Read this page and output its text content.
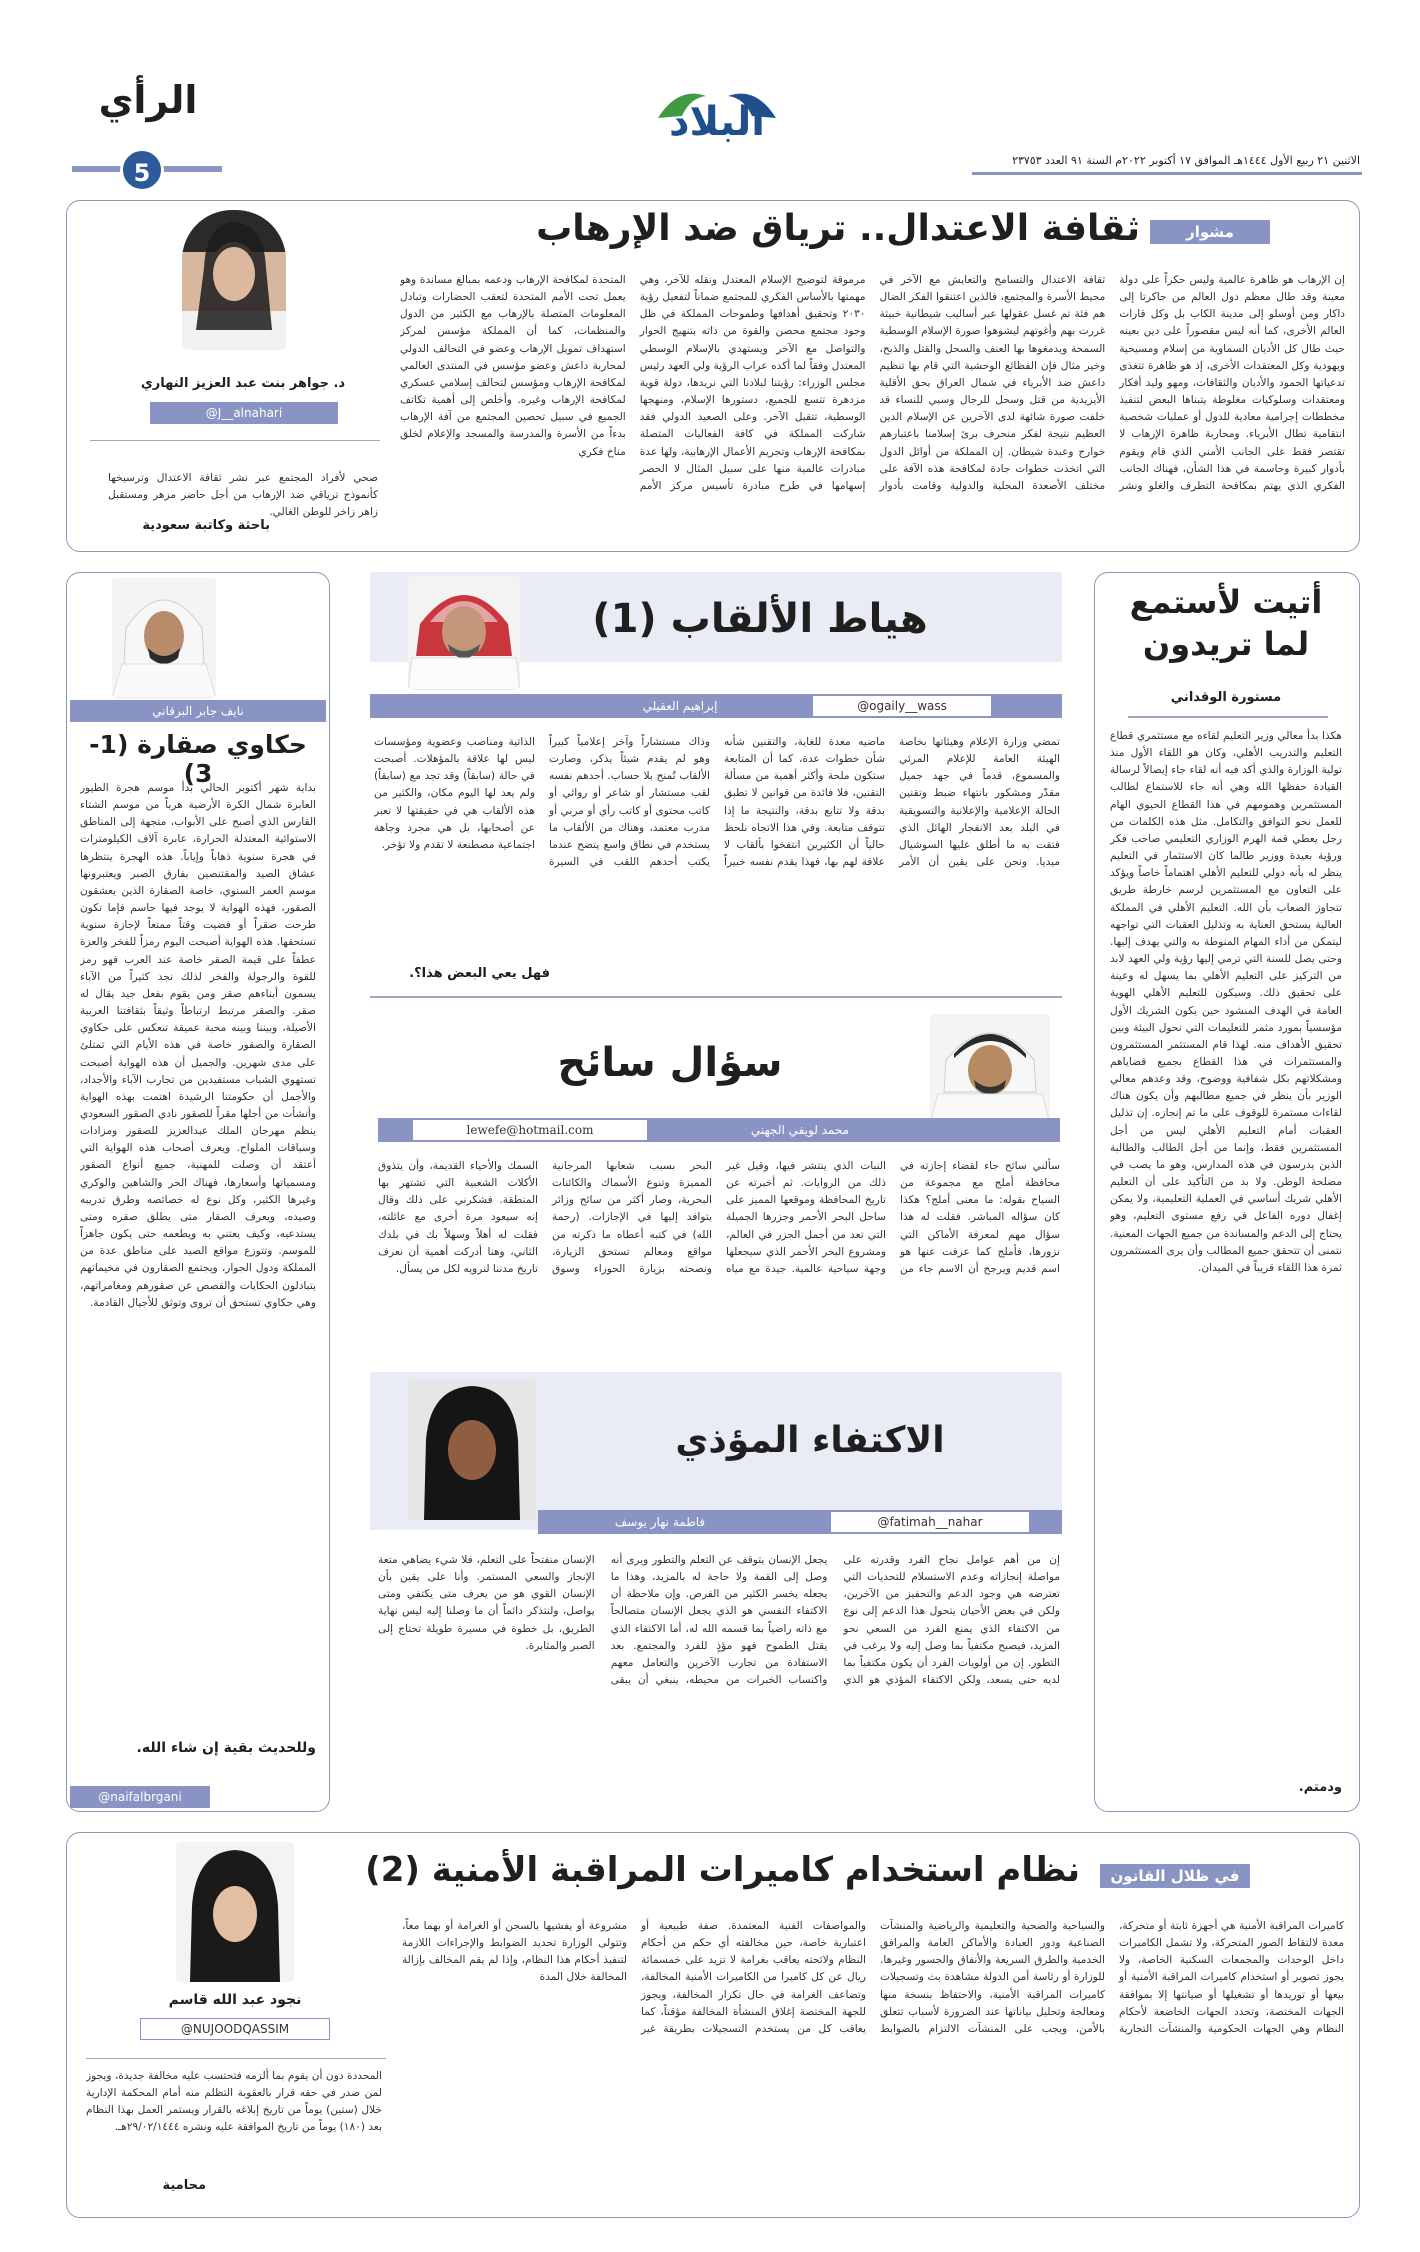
الرأي
5
البلاد
الاثنين ٢١ ربيع الأول ١٤٤٤هـ الموافق ١٧ أكتوبر ٢٠٢٢م السنة ٩١ العدد ٢٣٧٥٣
مشوار
ثقافة الاعتدال.. ترياق ضد الإرهاب
د. جواهر بنت عبد العزيز النهاري
@J__alnahari
صحي لأفراد المجتمع عبر نشر ثقافة الاعتدال وترسيخها كأنموذج ترياقي ضد الإرهاب من أجل حاضر مزهر ومستقبل زاهر زاخر للوطن الغالي.
باحثة وكاتبة سعودية
إن الإرهاب هو ظاهرة عالمية وليس حكراً على دولة معينة وقد طال معظم دول العالم من جاكرتا إلى داكار ومن أوسلو إلى مدينة الكاب بل وكل قارات العالم الأخرى، كما أنه ليس مقصوراً على دين بعينه حيث طال كل الأديان السماوية من إسلام ومسيحية ويهودية وكل المعتقدات الأخرى، إذ هو ظاهرة تتغذى تدعياتها الحمود والأديان والثقافات، ومهو وليد أفكار ومعتقدات وسلوكيات مغلوطة يتبناها البعض لتنفيذ مخططات إجرامية معادية للدول أو عمليات شخصية انتقامية تطال الأبرياء. ومحاربة ظاهرة الإرهاب لا تقتصر فقط على الجانب الأمني الذي قام ويقوم بأدوار كبيرة وحاسمة في هذا الشأن، فهناك الجانب الفكري الذي يهتم بمكافحة التطرف والغلو ونشر ثقافة الاعتدال والتسامح والتعايش مع الآخر في محيط الأسرة والمجتمع، فالذين اعتنقوا الفكر الضال هم فئة تم غسل عقولها عبر أساليب شيطانية خبيثة غررت بهم وأغوتهم ليشوهوا صورة الإسلام الوسطية السمحة ويدمغوها بها العنف والسحل والقتل والذبح، وخير مثال فإن الفظائع الوحشية التي قام بها تنظيم داعش ضد الأبرياء في شمال العراق بحق الأقلية الأيزيدية من قتل وسحل للرجال وسبي للنساء قد خلفت صورة شائهة لدى الآخرين عن الإسلام الدين العظيم نتيجة لفكر منحرف برئ إسلامنا باعتبارهم خوارج وعبدة شيطان. إن المملكة من أوائل الدول التي اتخذت خطوات جادة لمكافحة هذه الآفة على مختلف الأصعدة المحلية والدولية وقامت بأدوار مرموقة لتوضيح الإسلام المعتدل ونقله للآخر، وهي مهمتها بالأساس الفكري للمجتمع ضماناً لتفعيل رؤية ٢٠٣٠ وتحقيق أهدافها وطموحات المملكة في ظل وجود مجتمع محصن والقوة من ذاته بتنهيج الحوار والتواصل مع الآخر ويستهدي بالإسلام الوسطي المعتدل وفقاً لما أكده عراب الرؤية ولي العهد رئيس مجلس الوزراء: رؤيتنا لبلادنا التي نريدها، دولة قوية مزدهرة تتسع للجميع، دستورها الإسلام، ومنهجها الوسطية، تتقبل الآخر. وعلى الصعيد الدولي فقد شاركت المملكة في كافة الفعاليات المتصلة بمكافحة الإرهاب وتجريم الأعمال الإرهابية، ولها عدة مبادرات عالمية منها على سبيل المثال لا الحصر إسهامها في طرح مبادرة تأسيس مركز الأمم المتحدة لمكافحة الإرهاب ودعمه بمبالغ مساندة وهو يعمل تحت الأمم المتحدة لتعقب الحضارات وتبادل المعلومات المتصلة بالإرهاب مع الكثير من الدول والمنظمات، كما أن المملكة مؤسس لمركز استهداف تمويل الإرهاب وعضو في التحالف الدولي لمحاربة داعش وعضو مؤسس في المنتدى العالمي لمكافحة الإرهاب ومؤسس لتحالف إسلامي عسكري لمكافحة الإرهاب وغيره. وأخلص إلى أهمية تكاتف الجميع في سبيل تحصين المجتمع من آفة الإرهاب بدءاً من الأسرة والمدرسة والمسجد والإعلام لخلق مناخ فكري
أتيت لأستمع لما تريدون
مستورة الوقداني
هكذا بدأ معالي وزير التعليم لقاءه مع مستثمري قطاع التعليم والتدريب الأهلي، وكان هو اللقاء الأول منذ تولية الوزارة والذي أكد فيه أنه لقاء جاء إيصالاً لرسالة القيادة حفظها الله وهي أنه جاء للاستماع لطالب المستثمرين وهمومهم في هذا القطاع الحيوي الهام للعمل نحو التوافق والتكامل. مثل هذه الكلمات من رجل يعطي قمة الهرم الوزاري التعليمي صاحب فكر ورؤية بعيدة ووزير طالما كان الاستثمار في التعليم ينظر له بأنه دولي للتعليم الأهلي اهتماماً خاصاً ويؤكد على التعاون مع المستثمرين لرسم خارطة طريق تتجاوز الصعاب بأن الله. التعليم الأهلي في المملكة العالية يستحق العناية به وتذليل العقبات التي تواجهه ليتمكن من أداء المهام المنوطة به والتي يهدف إليها. وحتى يصل للسنة التي ترمي إليها رؤية ولي العهد لابد من التركيز على التعليم الأهلي بما يسهل له وعينة على تحقيق ذلك. وسيكون للتعليم الأهلي الهوية العامة في الهدف المنشود حين يكون الشريك الأول مؤسسياً بمورد مثمر للتعليمات التي نحول البيئة وبين تحقيق الأهداف منه. لهذا قام المستثمر المستثمرون والمستثمرات في هذا القطاع بجميع قضاياهم ومشكلاتهم بكل شفافية ووضوح، وقد وعدهم معالي الوزير بأن ينظر في جميع مطالبهم وأن يكون هناك لقاءات مستمرة للوقوف على ما تم إنجازه. إن تذليل العقبات أمام التعليم الأهلي ليس من أجل المستثمرين فقط، وإنما من أجل الطالب والطالبة الذين يدرسون في هذه المدارس، وهو ما يصب في مصلحة الوطن. ولا بد من التأكيد على أن التعليم الأهلي شريك أساسي في العملية التعليمية، ولا يمكن إغفال دوره الفاعل في رفع مستوى التعليم، وهو يحتاج إلى الدعم والمساندة من جميع الجهات المعنية. نتمنى أن تتحقق جميع المطالب وأن يرى المستثمرون ثمرة هذا اللقاء قريباً في الميدان.
ودمتم.
نايف جابر البرقاني
حكاوي صقارة (1-3)
بداية شهر أكتوبر الحالي بدأ موسم هجرة الطيور العابرة شمال الكرة الأرضية هرباً من موسم الشتاء القارس الذي أصبح على الأبواب، متجهة إلى المناطق الاستوائية المعتدلة الحرارة، عابرة آلاف الكيلومترات في هجرة سنوية ذهاباً وإياباً. هذه الهجرة ينتظرها عشاق الصيد والمقتنصين بفارق الصبر ويعتبرونها موسم العمر السنوي، خاصة الصقارة الذين يعشقون الصقور، فهذه الهواية لا يوجد فيها حاسم فإما تكون طرحت صقراً أو فضيت وقتاً ممتعاً لإجازة سنوية تستحقها. هذه الهواية أصبحت اليوم رمزاً للفخر والعزة عطفاً على قيمة الصقر خاصة عند العرب فهو رمز للقوة والرجولة والفخر لذلك نجد كثيراً من الآباء يسمون أبناءهم صقر ومن يقوم بفعل جيد يقال له صقر. والصقر مرتبط ارتباطاً وثيقاً بثقافتنا العربية الأصيلة، وبيننا وبينه محبة عميقة تنعكس على حكاوي الصقارة والصقور خاصة في هذه الأيام التي تمتلئ على مدى شهرين. والجميل أن هذه الهواية أصبحت تستهوي الشباب مستفيدين من تجارب الآباء والأجداد، والأجمل أن حكومتنا الرشيدة اهتمت بهذه الهواية وأنشأت من أجلها مقراً للصقور نادي الصقور السعودي ينظم مهرجان الملك عبدالعزيز للصقور ومزادات وسباقات الملواح. ويعرف أصحاب هذه الهواية التي أعتقد أن وصلت للمهنية، جميع أنواع الصقور ومسمياتها وأسعارها، فهناك الحر والشاهين والوكري وغيرها الكثير، وكل نوع له خصائصه وطرق تدريبه وصيده، ويعرف الصقار متى يطلق صقره ومتى يستدعيه، وكيف يعتني به ويطعمه حتى يكون جاهزاً للموسم. وتتوزع مواقع الصيد على مناطق عدة من المملكة ودول الجوار، ويجتمع الصقارون في مخيماتهم يتبادلون الحكايات والقصص عن صقورهم ومغامراتهم، وهي حكاوي تستحق أن تروى وتوثق للأجيال القادمة.
وللحديث بقية إن شاء الله.
@naifalbrgani
هياط الألقاب (1)
إبراهيم العقيلي	@ogaily__wass
تمضي وزارة الإعلام وهيئاتها بخاصة الهيئة العامة للإعلام المرئي والمسموع، قدماً في جهد جميل مقدّر ومشكور بانتهاء ضبط وتقنين الحالة الإعلامية والإعلانية والتسويقية في البلد بعد الانفجار الهائل الذي فتقت به ما أطلق عليها السوشيال ميديا. ونحن على يقين أن الأمر ماضيه معدة للغاية، والتقنين شأنه شأن خطوات عدة، كما أن المتابعة ستكون ملحة وأكثر أهمية من مسألة التقنين، فلا فائدة من قوانين لا تطبق بدقة ولا تتابع بدقة، والنتيجة ما إذا تتوقف متابعة. وفي هذا الاتجاه نلحظ حالياً أن الكثيرين انتفخوا بألقاب لا علاقة لهم بها، فهذا يقدم نفسه خبيراً وذاك مستشاراً وآخر إعلامياً كبيراً وهو لم يقدم شيئاً يذكر، وصارت الألقاب تُمنح بلا حساب. أحدهم نفسه لقب مستشار أو شاعر أو روائي أو كاتب محتوى أو كاتب رأي أو مربي أو مدرب معتمد، وهناك من الألقاب ما يستخدم في نطاق واسع يتضح عندما يكتب أحدهم اللقب في السيرة الذاتية ومناصب وعضوية ومؤسسات ليس لها علاقة بالمؤهلات. أصبحت في حالة (سابقاً) وقد تجد مع (سابقاً) ولم يعد لها اليوم مكان، والكثير من هذه الألقاب هي في حقيقتها لا تعبر عن أصحابها، بل هي مجرد وجاهة اجتماعية مصطنعة لا تقدم ولا تؤخر.
فهل يعي البعض هذا؟.
سؤال سائح
محمد لويفي الجهني
lewefe@hotmail.com
سألني سائح جاء لقضاء إجازته في محافظة أملج مع مجموعة من السياح بقوله: ما معنى أملج؟ هكذا كان سؤاله المباشر. فقلت له هذا سؤال مهم لمعرفة الأماكن التي نزورها، فأملج كما عرفت عنها هو اسم قديم ويرجح أن الاسم جاء من النبات الذي ينتشر فيها، وقيل غير ذلك من الروايات. ثم أخبرته عن تاريخ المحافظة وموقعها المميز على ساحل البحر الأحمر وجزرها الجميلة التي تعد من أجمل الجزر في العالم، ومشروع البحر الأحمر الذي سيجعلها وجهة سياحية عالمية. جيدة مع مياه البحر بسبب شعابها المرجانية المميزة وتنوع الأسماك والكائنات البحرية، وصار أكثر من سائح وزائر يتوافد إليها في الإجازات. (رحمة الله) في كتبه أعطاه ما ذكرته من مواقع ومعالم تستحق الزيارة، ونصحته بزيارة الحوراء وسوق السمك والأحياء القديمة، وأن يتذوق الأكلات الشعبية التي تشتهر بها المنطقة. فشكرني على ذلك وقال إنه سيعود مرة أخرى مع عائلته، فقلت له أهلاً وسهلاً بك في بلدك الثاني، وهنا أدركت أهمية أن نعرف تاريخ مدننا لنرويه لكل من يسأل.
الاكتفاء المؤذي
فاطمة نهار يوسف	@fatimah__nahar
إن من أهم عوامل نجاح الفرد وقدرته على مواصلة إنجازاته وعدم الاستسلام للتحديات التي تعترضه هي وجود الدعم والتحفيز من الآخرين، ولكن في بعض الأحيان يتحول هذا الدعم إلى نوع من الاكتفاء الذي يمنع الفرد من السعي نحو المزيد، فيصبح مكتفياً بما وصل إليه ولا يرغب في التطور. إن من أولويات الفرد أن يكون مكتفياً بما لديه حتى يسعد، ولكن الاكتفاء المؤذي هو الذي يجعل الإنسان يتوقف عن التعلم والتطور ويرى أنه وصل إلى القمة ولا حاجة له بالمزيد، وهذا ما يجعله يخسر الكثير من الفرص. وإن ملاحظة أن الاكتفاء النفسي هو الذي يجعل الإنسان متصالحاً مع ذاته راضياً بما قسمه الله له، أما الاكتفاء الذي يقتل الطموح فهو مؤذٍ للفرد والمجتمع. بعد الاستفادة من تجارب الآخرين والتعامل معهم واكتساب الخبرات من محيطه، ينبغي أن يبقى الإنسان منفتحاً على التعلم، فلا شيء يضاهي متعة الإنجاز والسعي المستمر. وأنا على يقين بأن الإنسان القوي هو من يعرف متى يكتفي ومتى يواصل، ولنتذكر دائماً أن ما وصلنا إليه ليس نهاية الطريق، بل خطوة في مسيرة طويلة تحتاج إلى الصبر والمثابرة.
في ظلال القانون
نظام استخدام كاميرات المراقبة الأمنية (2)
نجود عبد الله قاسم
@NUJOODQASSIM
المحددة دون أن يقوم بما ألزمه فتحتسب عليه مخالفة جديدة، ويجوز لمن صدر في حقه قرار بالعقوبة التظلم منه أمام المحكمة الإدارية خلال (ستين) يوماً من تاريخ إبلاغه بالقرار ويستمر العمل بهذا النظام بعد (١٨٠) يوماً من تاريخ الموافقة عليه ونشره ٢٩/٠٢/١٤٤٤هـ.
محامية
كاميرات المراقبة الأمنية هي أجهزة ثابتة أو متحركة، معدة لالتقاط الصور المتحركة، ولا تشمل الكاميرات داخل الوحدات والمجمعات السكنية الخاصة، ولا يجوز تصوير أو استخدام كاميرات المراقبة الأمنية أو بيعها أو توريدها أو تشغيلها أو صيانتها إلا بموافقة الجهات المختصة، وتحدد الجهات الخاضعة لأحكام النظام وهي الجهات الحكومية والمنشآت التجارية والسياحية والصحية والتعليمية والرياضية والمنشآت الصناعية ودور العبادة والأماكن العامة والمرافق الخدمية والطرق السريعة والأنفاق والجسور وغيرها. للوزارة أو رئاسة أمن الدولة مشاهدة بث وتسجيلات كاميرات المراقبة الأمنية، والاحتفاظ بنسخة منها ومعالجة وتحليل بياناتها عند الضرورة لأسباب تتعلق بالأمن، ويجب على المنشآت الالتزام بالضوابط والمواصفات الفنية المعتمدة. صفة طبيعية أو اعتبارية خاصة، حين مخالفته أي حكم من أحكام النظام ولائحته يعاقب بغرامة لا تزيد على خمسمائة ريال عن كل كاميرا من الكاميرات الأمنية المخالفة، وتضاعف الغرامة في حال تكرار المخالفة، ويجوز للجهة المختصة إغلاق المنشأة المخالفة مؤقتاً، كما يعاقب كل من يستخدم التسجيلات بطريقة غير مشروعة أو يفشيها بالسجن أو الغرامة أو بهما معاً، وتتولى الوزارة تحديد الضوابط والإجراءات اللازمة لتنفيذ أحكام هذا النظام، وإذا لم يقم المخالف بإزالة المخالفة خلال المدة
